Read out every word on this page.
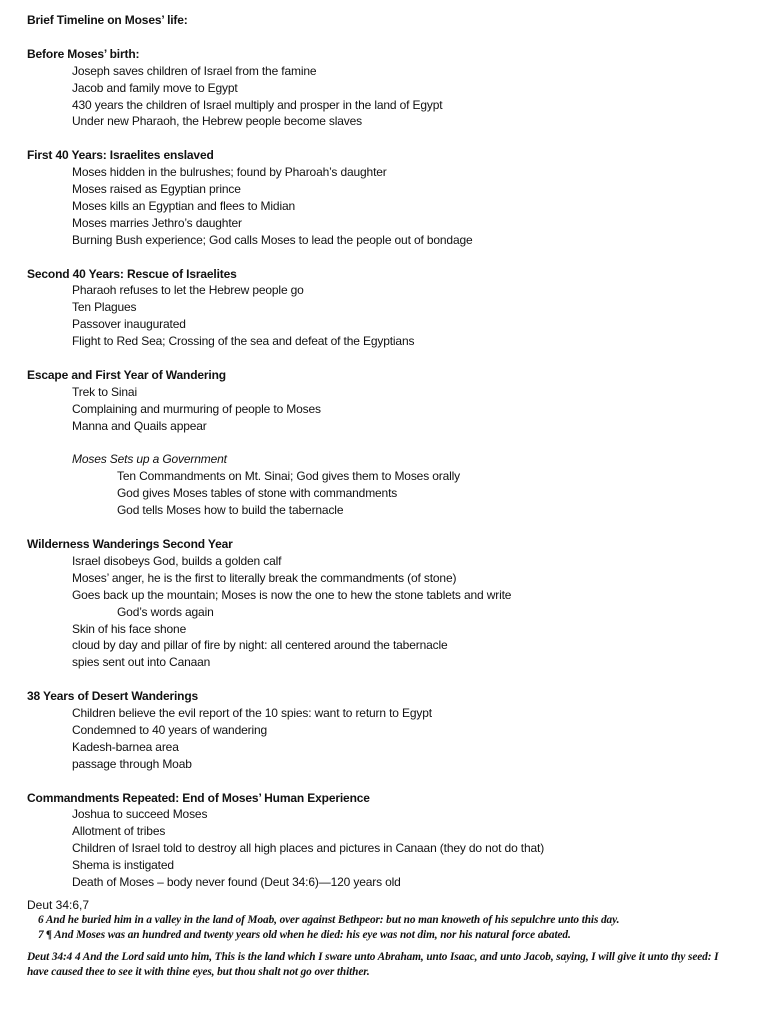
Brief Timeline on Moses’ life:
Before Moses’ birth:
Joseph saves children of Israel from the famine
Jacob and family move to Egypt
430 years the children of Israel multiply and prosper in the land of Egypt
Under new Pharaoh, the Hebrew people become slaves
First 40 Years: Israelites enslaved
Moses hidden in the bulrushes; found by Pharoah’s daughter
Moses raised as Egyptian prince
Moses kills an Egyptian and flees to Midian
Moses marries Jethro’s daughter
Burning Bush experience; God calls Moses to lead the people out of bondage
Second 40 Years: Rescue of Israelites
Pharaoh refuses to let the Hebrew people go
Ten Plagues
Passover inaugurated
Flight to Red Sea; Crossing of the sea and defeat of the Egyptians
Escape and First Year of Wandering
Trek to Sinai
Complaining and murmuring of people to Moses
Manna and Quails appear
Moses Sets up a Government
Ten Commandments on Mt. Sinai; God gives them to Moses orally
God gives Moses tables of stone with commandments
God tells Moses how to build the tabernacle
Wilderness Wanderings Second Year
Israel disobeys God, builds a golden calf
Moses’ anger, he is the first to literally break the commandments (of stone)
Goes back up the mountain; Moses is now the one to hew the stone tablets and write
God’s words again
Skin of his face shone
cloud by day and pillar of fire by night: all centered around the tabernacle
spies sent out into Canaan
38 Years of Desert Wanderings
Children believe the evil report of the 10 spies: want to return to Egypt
Condemned to 40 years of wandering
Kadesh-barnea area
passage through Moab
Commandments Repeated: End of Moses’ Human Experience
Joshua to succeed Moses
Allotment of tribes
Children of Israel told to destroy all high places and pictures in Canaan (they do not do that)
Shema is instigated
Death of Moses – body never found (Deut 34:6)—120 years old
Deut 34:6,7
6 And he buried him in a valley in the land of Moab, over against Bethpeor: but no man knoweth of his sepulchre unto this day.
7 ¶ And Moses was an hundred and twenty years old when he died: his eye was not dim, nor his natural force abated.
Deut 34:4 4 And the Lord said unto him, This is the land which I sware unto Abraham, unto Isaac, and unto Jacob, saying, I will give it unto thy seed: I have caused thee to see it with thine eyes, but thou shalt not go over thither.
